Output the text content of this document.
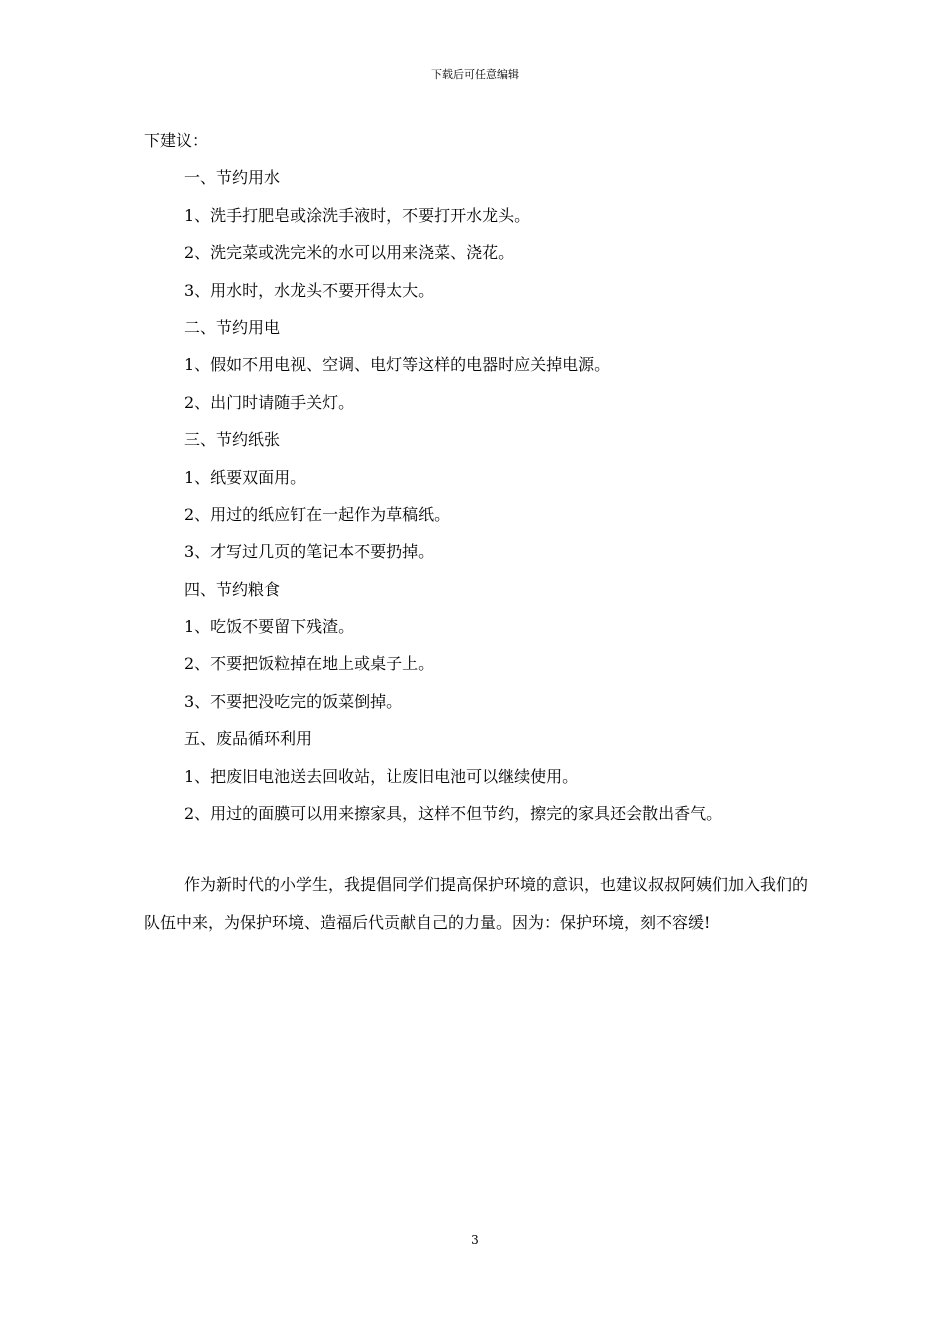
下载后可任意编辑
下建议：
一、节约用水
1、洗手打肥皂或涂洗手液时，不要打开水龙头。
2、洗完菜或洗完米的水可以用来浇菜、浇花。
3、用水时，水龙头不要开得太大。
二、节约用电
1、假如不用电视、空调、电灯等这样的电器时应关掉电源。
2、出门时请随手关灯。
三、节约纸张
1、纸要双面用。
2、用过的纸应钉在一起作为草稿纸。
3、才写过几页的笔记本不要扔掉。
四、节约粮食
1、吃饭不要留下残渣。
2、不要把饭粒掉在地上或桌子上。
3、不要把没吃完的饭菜倒掉。
五、废品循环利用
1、把废旧电池送去回收站，让废旧电池可以继续使用。
2、用过的面膜可以用来擦家具，这样不但节约，擦完的家具还会散出香气。
作为新时代的小学生，我提倡同学们提高保护环境的意识，也建议叔叔阿姨们加入我们的队伍中来，为保护环境、造福后代贡献自己的力量。因为：保护环境，刻不容缓!
3
